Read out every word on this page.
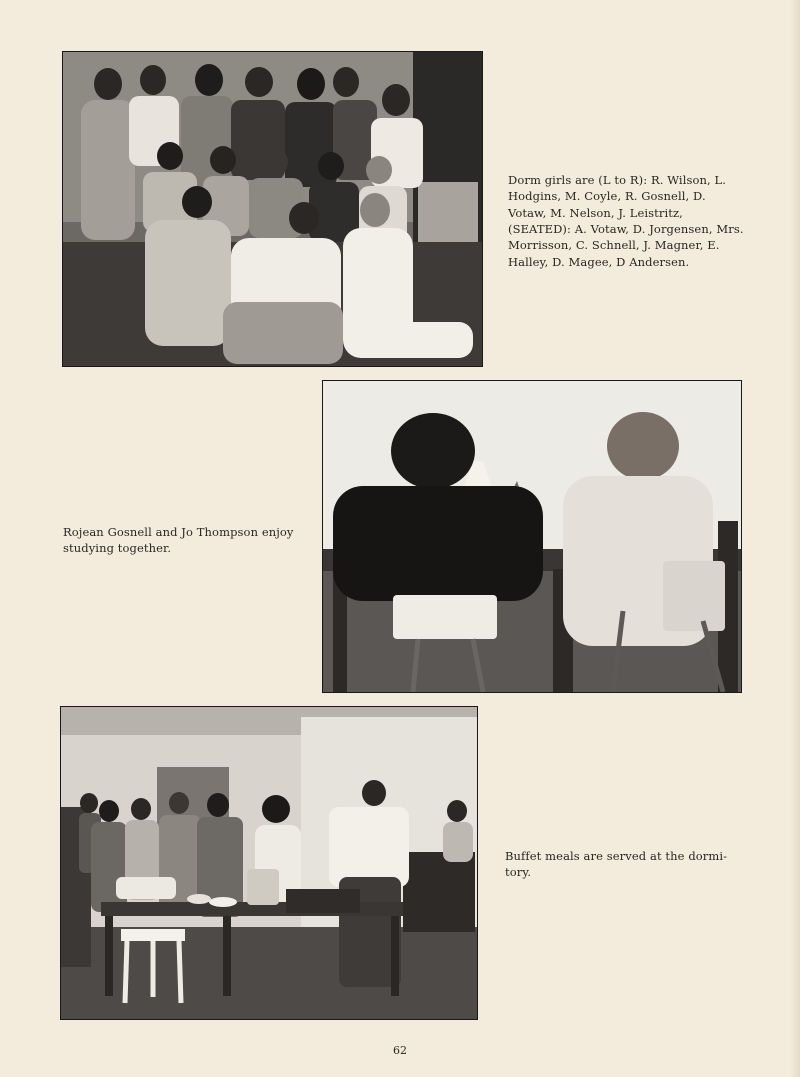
Dorm girls are (L to R): R. Wilson, L.
Hodgins, M. Coyle, R. Gosnell, D.
Votaw, M. Nelson, J. Leistritz,
(SEATED): A. Votaw, D. Jorgensen, Mrs.
Morrisson, C. Schnell, J. Magner, E.
Halley, D. Magee, D Andersen.
Rojean Gosnell and Jo Thompson enjoy
studying together.
Buffet meals are served at the dormi-
tory.
62
